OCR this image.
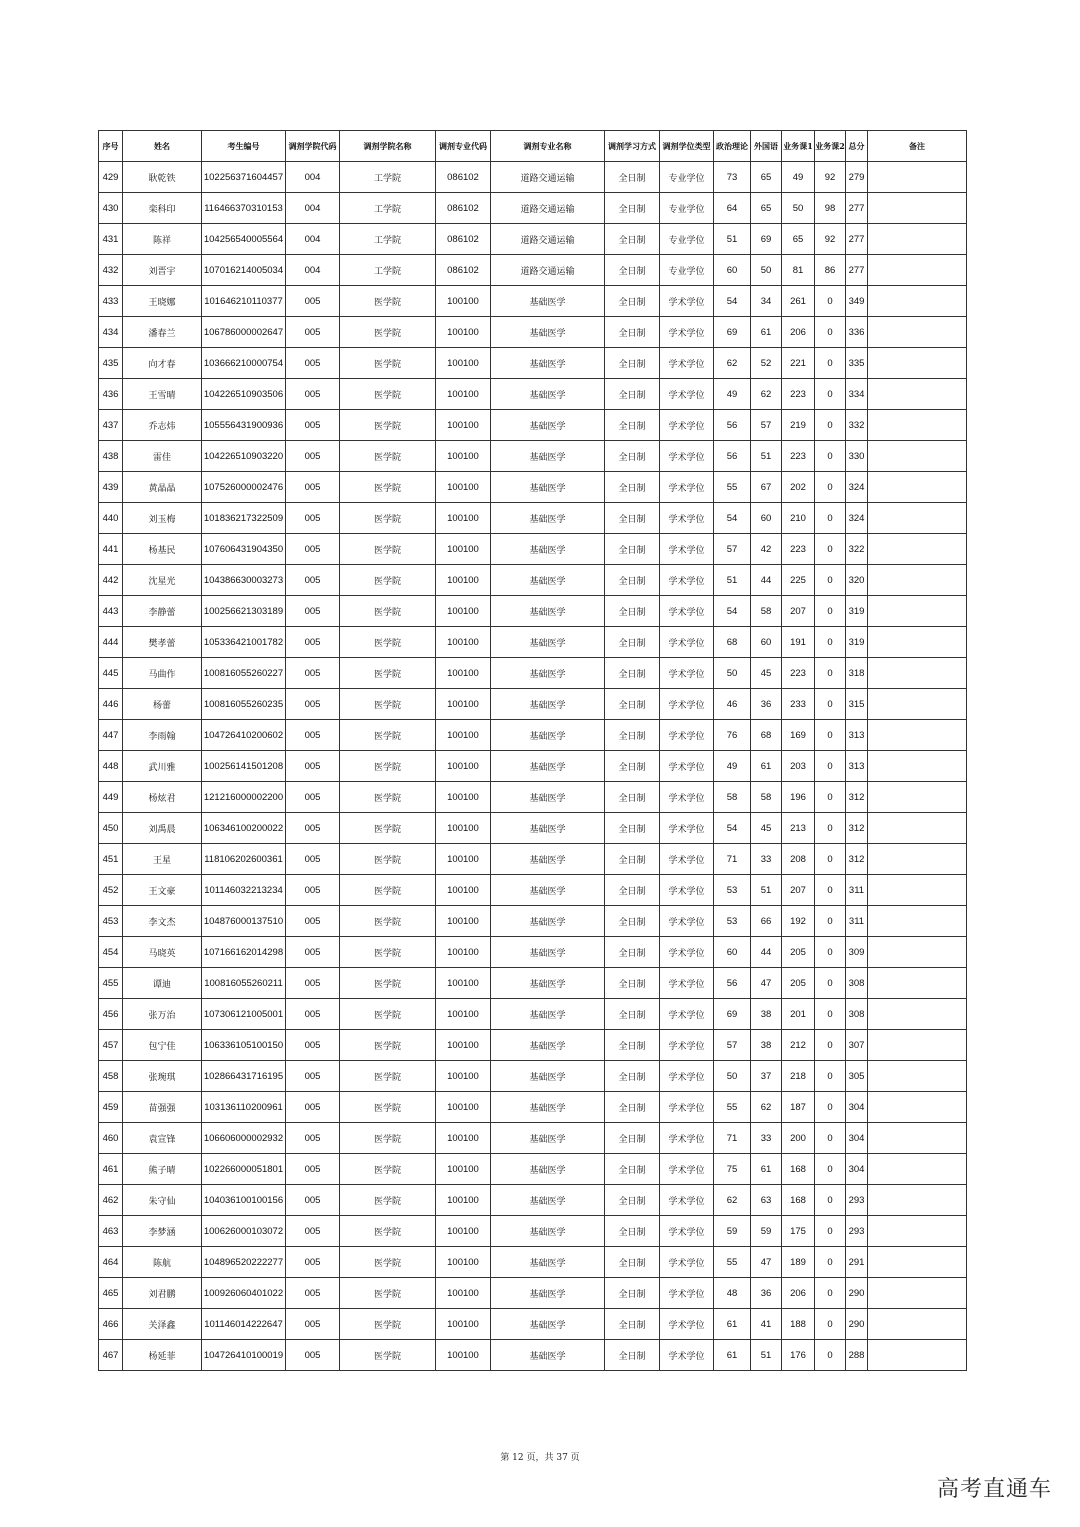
序号	姓名	考生编号	调剂学院代码	调剂学院名称	调剂专业代码	调剂专业名称	调剂学习方式	调剂学位类型	政治理论	外国语	业务课1	业务课2	总分	备注
429	耿乾铁	102256371604457	004	工学院	086102	道路交通运输	全日制	专业学位	73	65	49	92	279	
430	栾科印	116466370310153	004	工学院	086102	道路交通运输	全日制	专业学位	64	65	50	98	277	
431	陈祥	104256540005564	004	工学院	086102	道路交通运输	全日制	专业学位	51	69	65	92	277	
432	刘晋宇	107016214005034	004	工学院	086102	道路交通运输	全日制	专业学位	60	50	81	86	277	
433	王晓娜	101646210110377	005	医学院	100100	基础医学	全日制	学术学位	54	34	261	0	349	
434	潘春兰	106786000002647	005	医学院	100100	基础医学	全日制	学术学位	69	61	206	0	336	
435	向才春	103666210000754	005	医学院	100100	基础医学	全日制	学术学位	62	52	221	0	335	
436	王雪晴	104226510903506	005	医学院	100100	基础医学	全日制	学术学位	49	62	223	0	334	
437	乔志炜	105556431900936	005	医学院	100100	基础医学	全日制	学术学位	56	57	219	0	332	
438	雷佳	104226510903220	005	医学院	100100	基础医学	全日制	学术学位	56	51	223	0	330	
439	黄晶晶	107526000002476	005	医学院	100100	基础医学	全日制	学术学位	55	67	202	0	324	
440	刘玉梅	101836217322509	005	医学院	100100	基础医学	全日制	学术学位	54	60	210	0	324	
441	杨基民	107606431904350	005	医学院	100100	基础医学	全日制	学术学位	57	42	223	0	322	
442	沈星光	104386630003273	005	医学院	100100	基础医学	全日制	学术学位	51	44	225	0	320	
443	李静蕾	100256621303189	005	医学院	100100	基础医学	全日制	学术学位	54	58	207	0	319	
444	樊孝蕾	105336421001782	005	医学院	100100	基础医学	全日制	学术学位	68	60	191	0	319	
445	马曲作	100816055260227	005	医学院	100100	基础医学	全日制	学术学位	50	45	223	0	318	
446	杨蕾	100816055260235	005	医学院	100100	基础医学	全日制	学术学位	46	36	233	0	315	
447	李雨翰	104726410200602	005	医学院	100100	基础医学	全日制	学术学位	76	68	169	0	313	
448	武川雅	100256141501208	005	医学院	100100	基础医学	全日制	学术学位	49	61	203	0	313	
449	杨炫君	121216000002200	005	医学院	100100	基础医学	全日制	学术学位	58	58	196	0	312	
450	刘禹晨	106346100200022	005	医学院	100100	基础医学	全日制	学术学位	54	45	213	0	312	
451	王星	118106202600361	005	医学院	100100	基础医学	全日制	学术学位	71	33	208	0	312	
452	王文豪	101146032213234	005	医学院	100100	基础医学	全日制	学术学位	53	51	207	0	311	
453	李文杰	104876000137510	005	医学院	100100	基础医学	全日制	学术学位	53	66	192	0	311	
454	马晓英	107166162014298	005	医学院	100100	基础医学	全日制	学术学位	60	44	205	0	309	
455	谭迪	100816055260211	005	医学院	100100	基础医学	全日制	学术学位	56	47	205	0	308	
456	张万治	107306121005001	005	医学院	100100	基础医学	全日制	学术学位	69	38	201	0	308	
457	包宁佳	106336105100150	005	医学院	100100	基础医学	全日制	学术学位	57	38	212	0	307	
458	张琬琪	102866431716195	005	医学院	100100	基础医学	全日制	学术学位	50	37	218	0	305	
459	苗强强	103136110200961	005	医学院	100100	基础医学	全日制	学术学位	55	62	187	0	304	
460	袁宣锋	106606000002932	005	医学院	100100	基础医学	全日制	学术学位	71	33	200	0	304	
461	熊子晴	102266000051801	005	医学院	100100	基础医学	全日制	学术学位	75	61	168	0	304	
462	朱守仙	104036100100156	005	医学院	100100	基础医学	全日制	学术学位	62	63	168	0	293	
463	李梦涵	100626000103072	005	医学院	100100	基础医学	全日制	学术学位	59	59	175	0	293	
464	陈航	104896520222277	005	医学院	100100	基础医学	全日制	学术学位	55	47	189	0	291	
465	刘君鹏	100926060401022	005	医学院	100100	基础医学	全日制	学术学位	48	36	206	0	290	
466	关泽鑫	101146014222647	005	医学院	100100	基础医学	全日制	学术学位	61	41	188	0	290	
467	杨延菲	104726410100019	005	医学院	100100	基础医学	全日制	学术学位	61	51	176	0	288	
第 12 页，共 37 页
高考直通车
